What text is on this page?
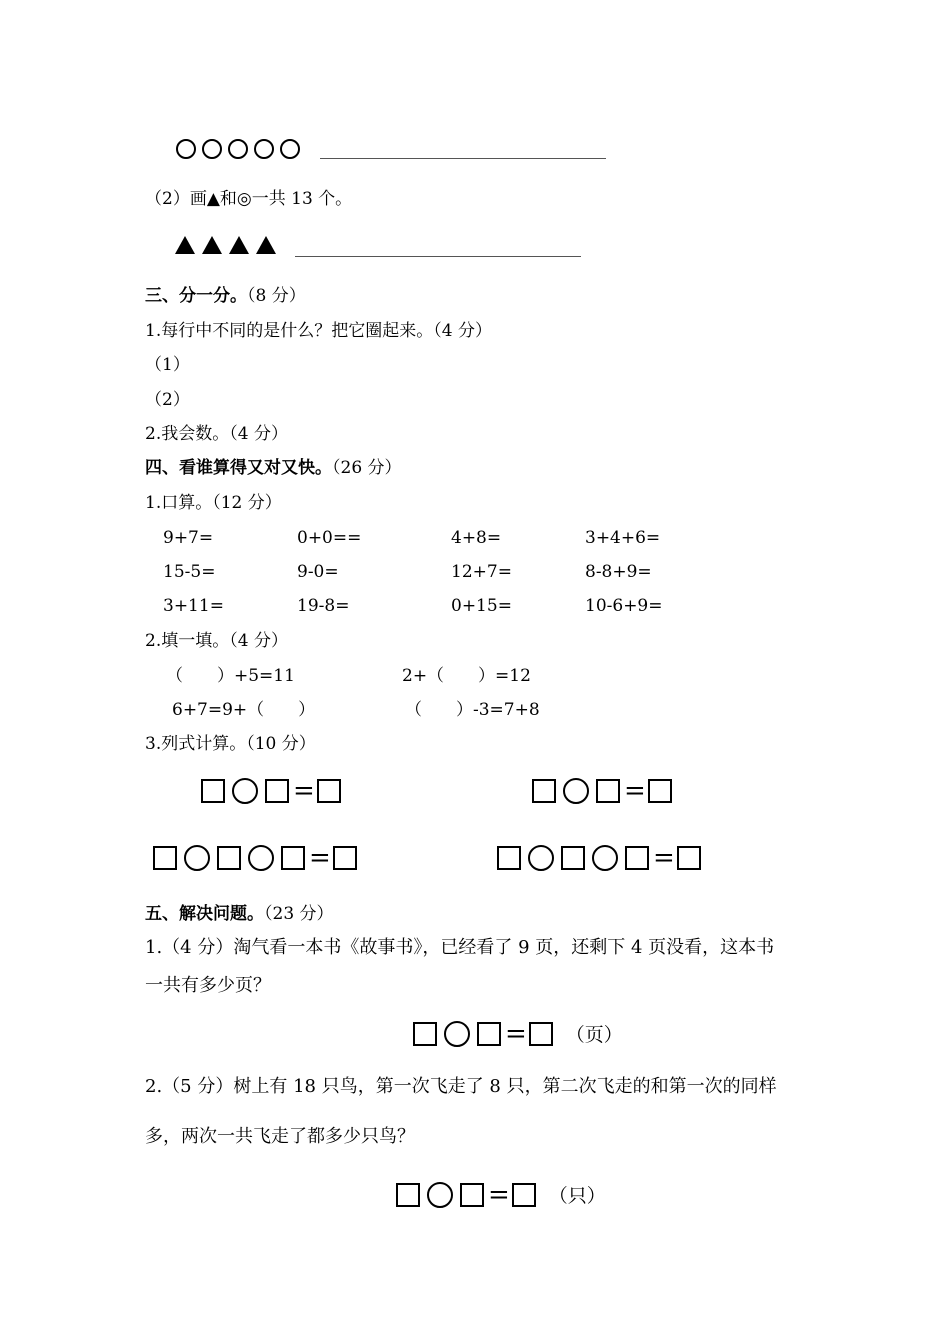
（2）画▲和◎一共 13 个。
三、分一分。（8 分）
1.每行中不同的是什么？把它圈起来。（4 分）
（1）
（2）
2.我会数。（4 分）
四、看谁算得又对又快。（26 分）
1.口算。（12 分）
9+7=	0+0==	4+8=	3+4+6=
15-5=	9-0=	12+7=	8-8+9=
3+11=	19-8=	0+15=	10-6+9=
2.填一填。（4 分）
（　　）+5=11	2+（　　）=12
6+7=9+（　　）	（　　）-3=7+8
3.列式计算。（10 分）
=	=
=	=
五、解决问题。（23 分）
1.（4 分）淘气看一本书《故事书》，已经看了 9 页，还剩下 4 页没看，这本书
一共有多少页？
= （页）
2.（5 分）树上有 18 只鸟，第一次飞走了 8 只，第二次飞走的和第一次的同样
多，两次一共飞走了都多少只鸟？
= （只）
